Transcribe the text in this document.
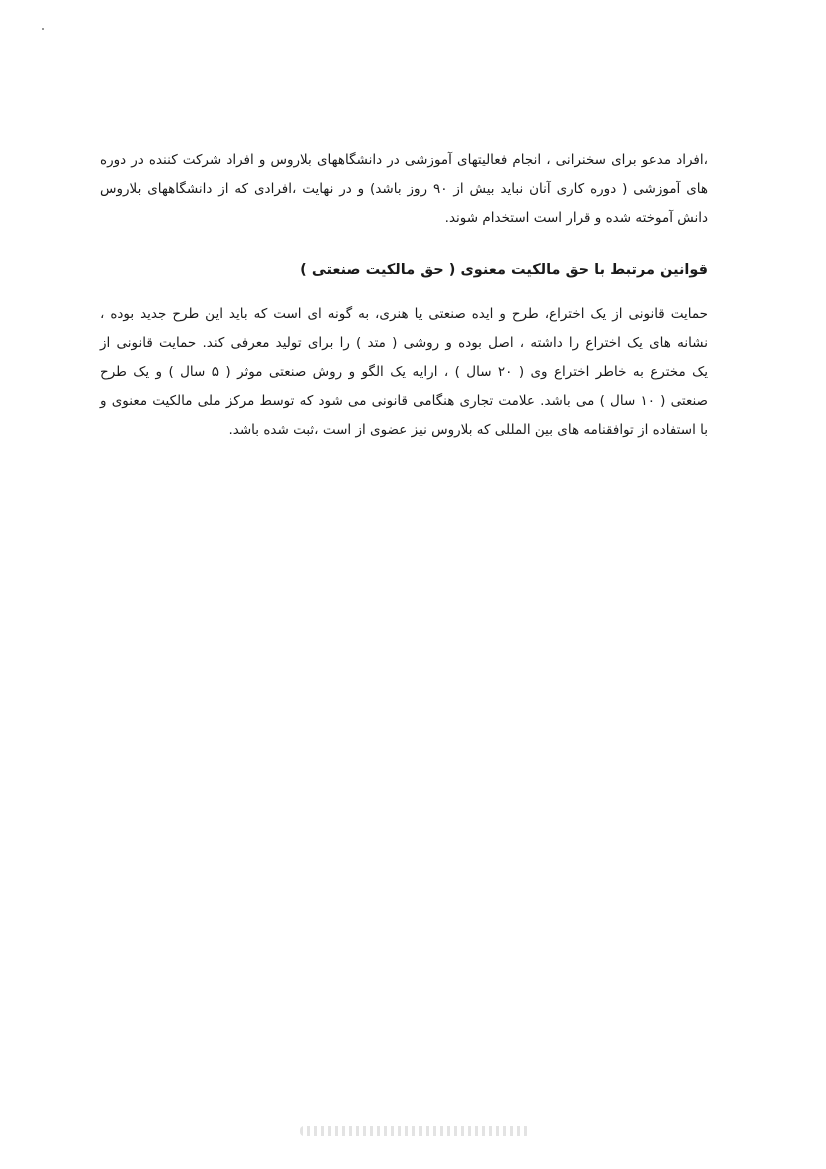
،افراد مدعو برای سخنرانی ، انجام فعالیتهای آموزشی در دانشگاههای بلاروس و افراد شرکت کننده در دوره
های آموزشی ( دوره کاری آنان نباید بیش از ۹۰ روز باشد) و در نهایت ،افرادی که از دانشگاههای بلاروس
دانش آموخته شده و قرار است استخدام شوند.
قوانین مرتبط با حق مالکیت معنوی ( حق مالکیت صنعتی )
حمایت قانونی از یک اختراع، طرح و ایده صنعتی یا هنری، به گونه ای است که باید این طرح جدید بوده ،
نشانه های یک اختراع را داشته ، اصل بوده و روشی ( متد ) را برای تولید معرفی کند. حمایت قانونی از
یک مخترع به خاطر اختراع وی ( ۲۰ سال ) ، ارایه یک الگو و روش صنعتی موثر ( ۵ سال ) و یک طرح
صنعتی ( ۱۰ سال ) می باشد. علامت تجاری هنگامی قانونی می شود که توسط مرکز ملی مالکیت معنوی و
با استفاده از توافقنامه های بین المللی که بلاروس نیز عضوی از است ،ثبت شده باشد.
